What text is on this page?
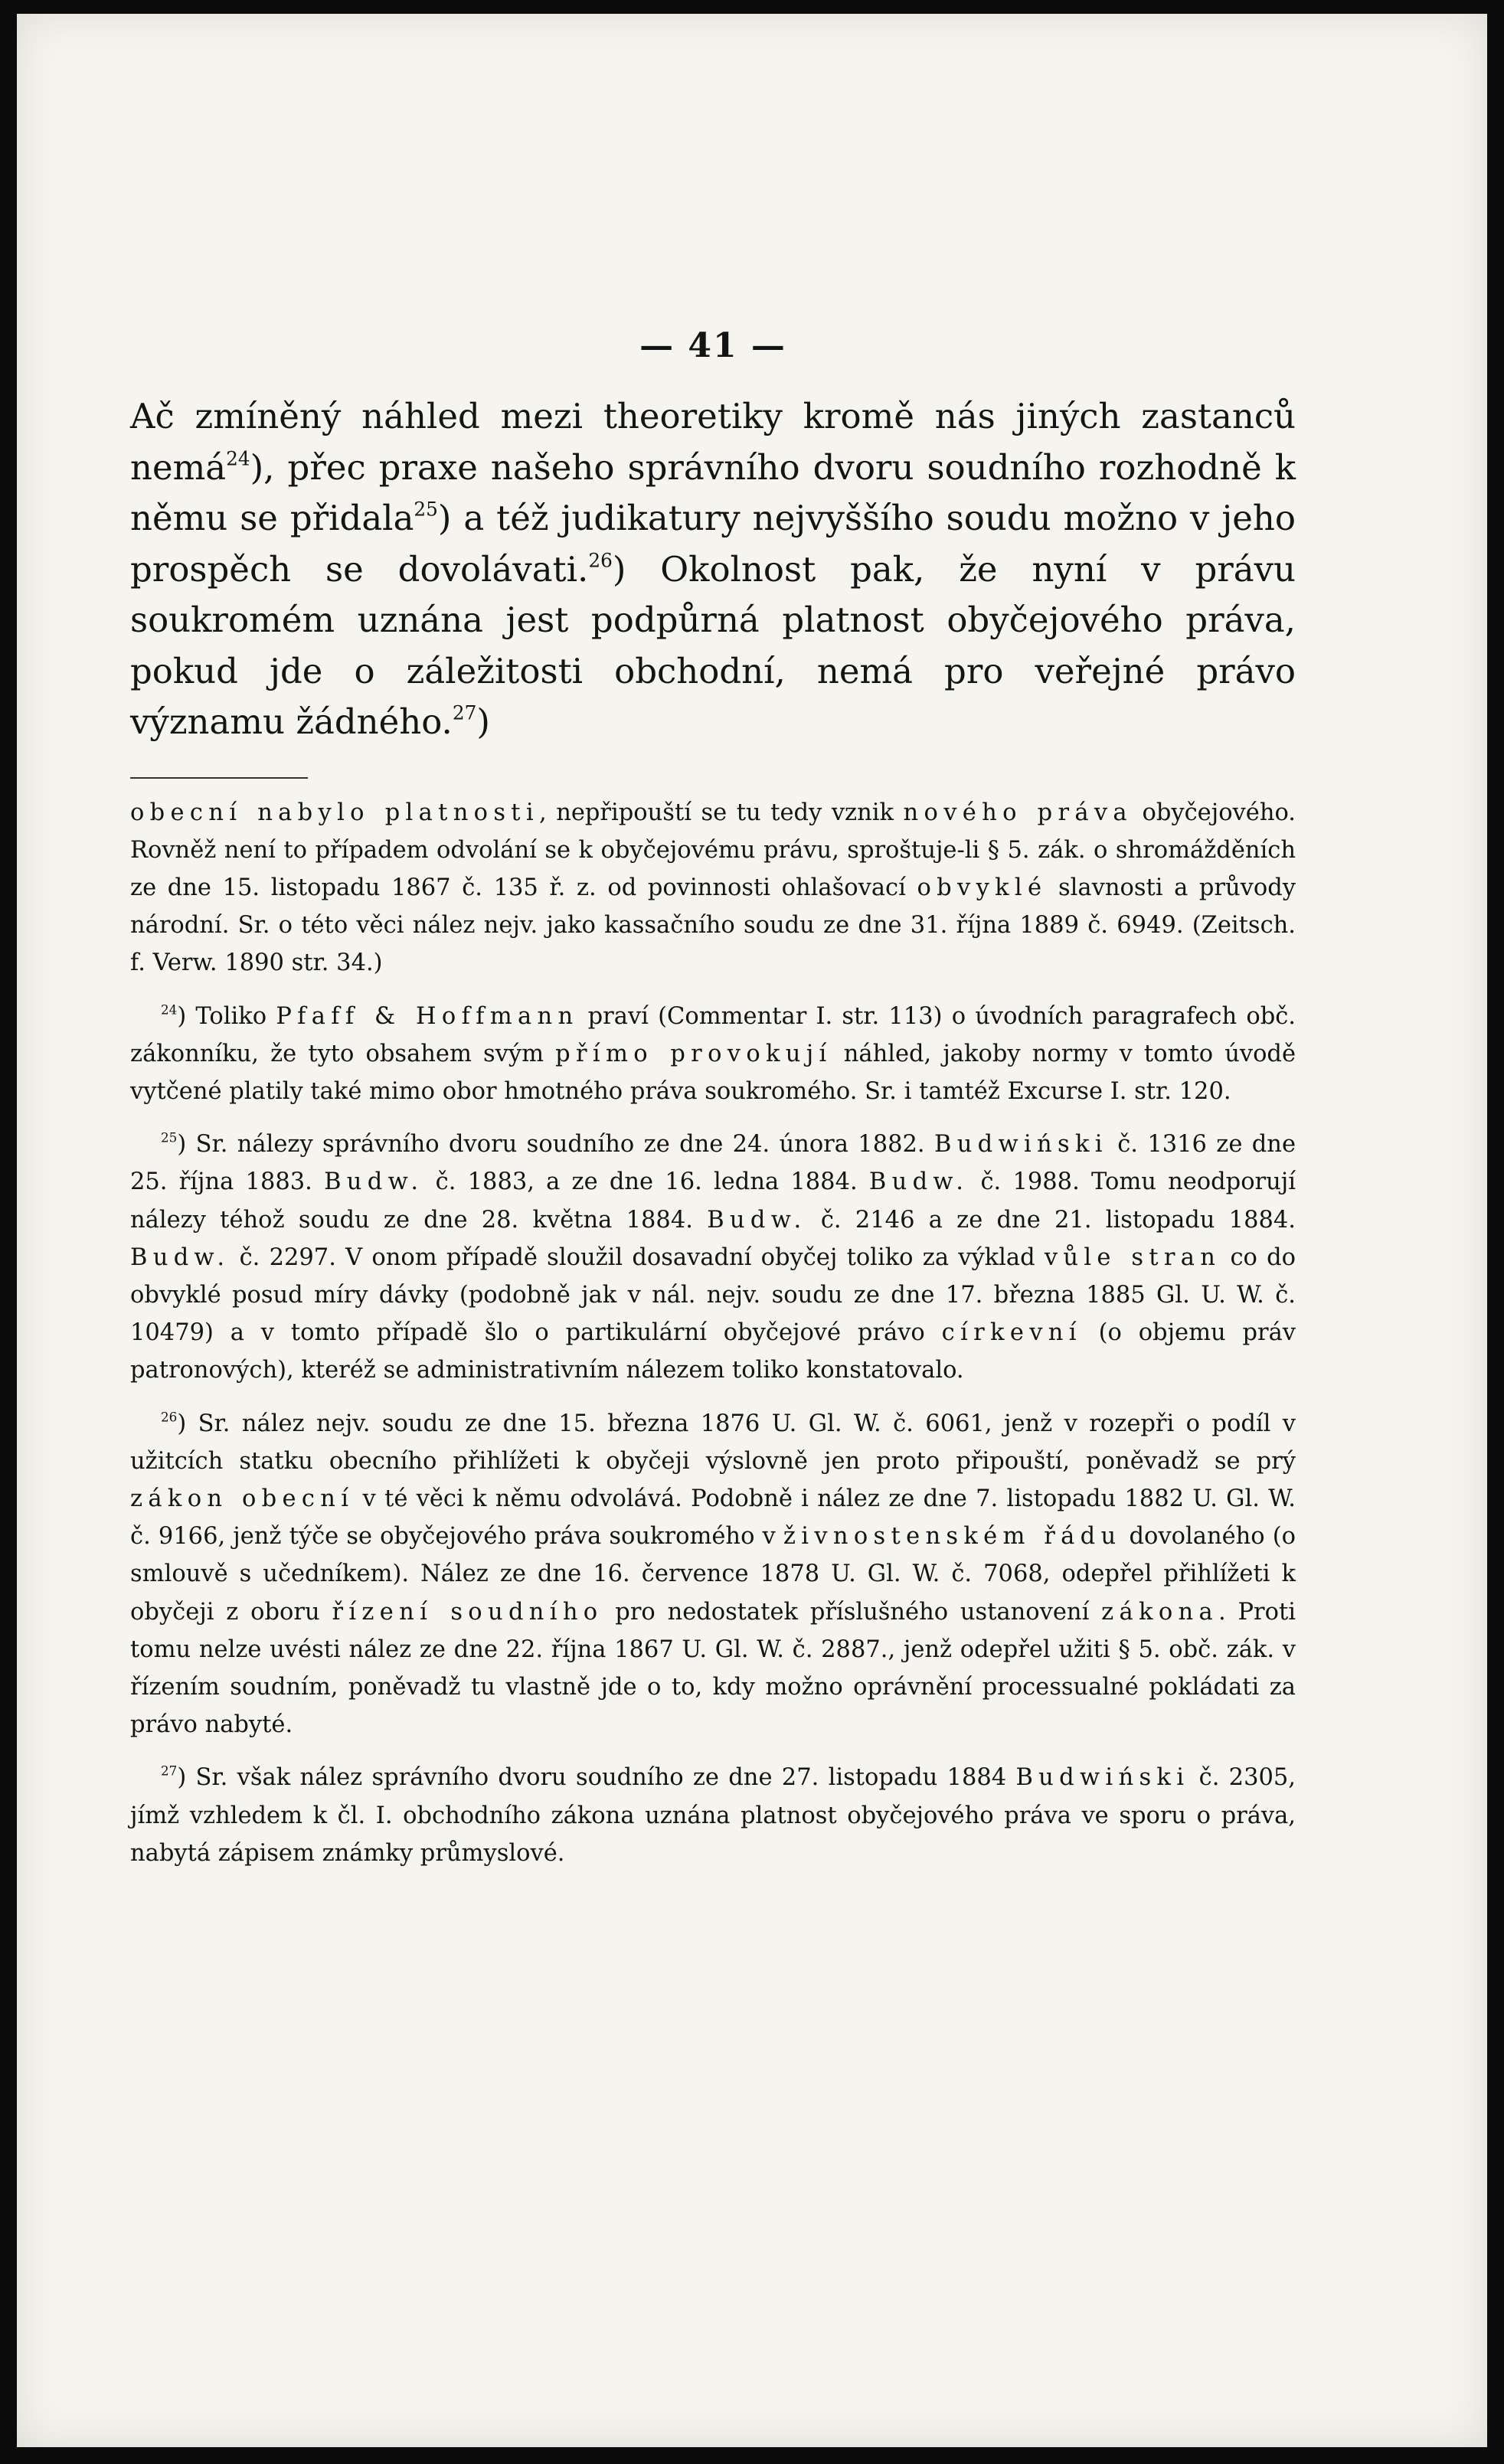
— 41 —

Ač zmíněný náhled mezi theoretiky kromě nás jiných zastanců nemá$^{24}$), přec praxe našeho správního dvoru soudního rozhodně k němu se přidala$^{25}$) a též judikatury nejvyššího soudu možno v jeho prospěch se dovolávati.$^{26}$) Okolnost pak, že nyní v právu soukromém uznána jest podpůrná platnost obyčejového práva, pokud jde o záležitosti obchodní, nemá pro veřejné právo významu žádného.$^{27}$)

obecní nabylo platnosti, nepřipouští se tu tedy vznik nového práva obyčejového. Rovněž není to případem odvolání se k obyčejovému právu, sproštuje-li § 5. zák. o shromážděních ze dne 15. listopadu 1867 č. 135 ř. z. od povinnosti ohlašovací obvyklé slavnosti a průvody národní. Sr. o této věci nález nejv. jako kassačního soudu ze dne 31. října 1889 č. 6949. (Zeitsch. f. Verw. 1890 str. 34.)

$^{24}$) Toliko Pfaff & Hoffmann praví (Commentar I. str. 113) o úvodních paragrafech obč. zákonníku, že tyto obsahem svým přímo provokují náhled, jakoby normy v tomto úvodě vytčené platily také mimo obor hmotného práva soukromého. Sr. i tamtéž Excurse I. str. 120.

$^{25}$) Sr. nálezy správního dvoru soudního ze dne 24. února 1882. Budwiński č. 1316 ze dne 25. října 1883. Budw. č. 1883, a ze dne 16. ledna 1884. Budw. č. 1988. Tomu neodporují nálezy téhož soudu ze dne 28. května 1884. Budw. č. 2146 a ze dne 21. listopadu 1884. Budw. č. 2297. V onom případě sloužil dosavadní obyčej toliko za výklad vůle stran co do obvyklé posud míry dávky (podobně jak v nál. nejv. soudu ze dne 17. března 1885 Gl. U. W. č. 10479) a v tomto případě šlo o partikulární obyčejové právo církevní (o objemu práv patronových), kteréž se administrativním nálezem toliko konstatovalo.

$^{26}$) Sr. nález nejv. soudu ze dne 15. března 1876 U. Gl. W. č. 6061, jenž v rozepři o podíl v užitcích statku obecního přihlížeti k obyčeji výslovně jen proto připouští, poněvadž se prý zákon obecní v té věci k němu odvolává. Podobně i nález ze dne 7. listopadu 1882 U. Gl. W. č. 9166, jenž týče se obyčejového práva soukromého v živnostenském řádu dovolaného (o smlouvě s učedníkem). Nález ze dne 16. července 1878 U. Gl. W. č. 7068, odepřel přihlížeti k obyčeji z oboru řízení soudního pro nedostatek příslušného ustanovení zákona. Proti tomu nelze uvésti nález ze dne 22. října 1867 U. Gl. W. č. 2887., jenž odepřel užiti § 5. obč. zák. v řízením soudním, poněvadž tu vlastně jde o to, kdy možno oprávnění processualné pokládati za právo nabyté.

$^{27}$) Sr. však nález správního dvoru soudního ze dne 27. listopadu 1884 Budwiński č. 2305, jímž vzhledem k čl. I. obchodního zákona uznána platnost obyčejového práva ve sporu o práva, nabytá zápisem známky průmyslové.
